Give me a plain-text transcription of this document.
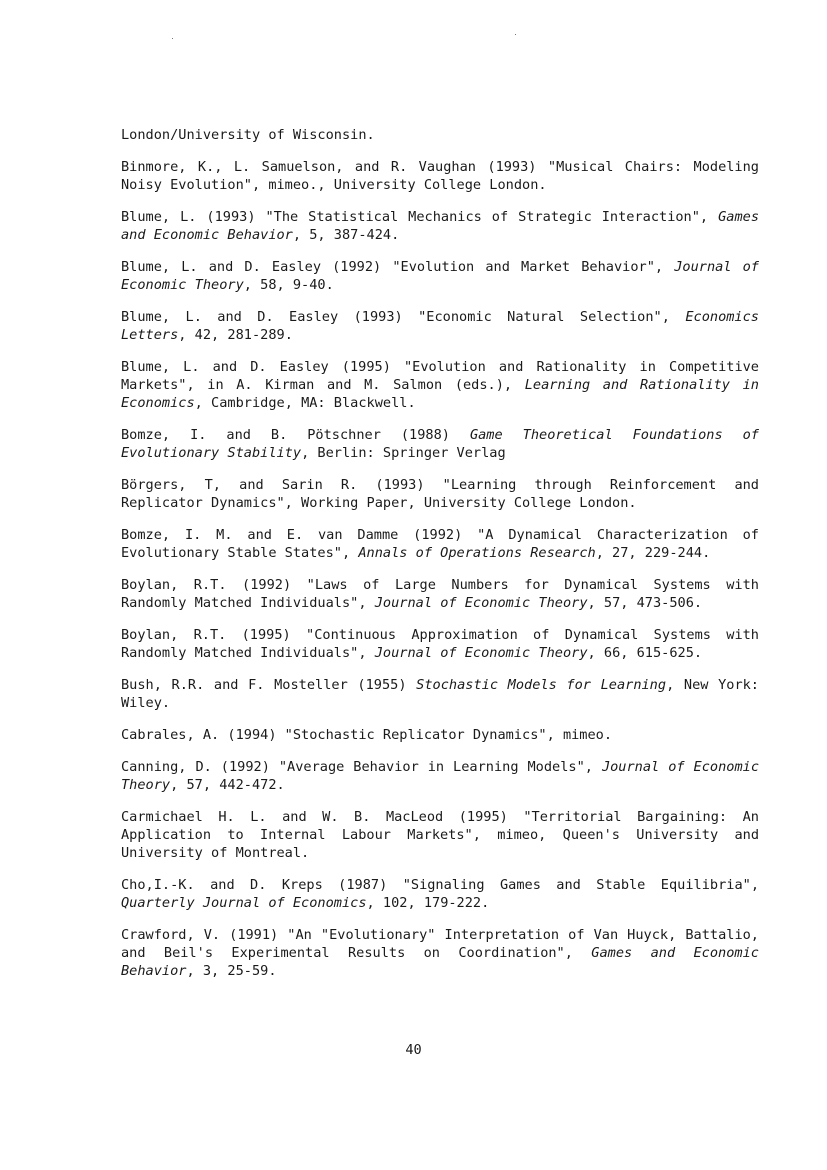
London/University of Wisconsin.

Binmore, K., L. Samuelson, and R. Vaughan (1993) "Musical Chairs: Modeling Noisy Evolution", mimeo., University College London.

Blume, L. (1993) "The Statistical Mechanics of Strategic Interaction", Games and Economic Behavior, 5, 387-424.

Blume, L. and D. Easley (1992) "Evolution and Market Behavior", Journal of Economic Theory, 58, 9-40.

Blume, L. and D. Easley (1993) "Economic Natural Selection", Economics Letters, 42, 281-289.

Blume, L. and D. Easley (1995) "Evolution and Rationality in Competitive Markets", in A. Kirman and M. Salmon (eds.), Learning and Rationality in Economics, Cambridge, MA: Blackwell.

Bomze, I. and B. Pötschner (1988) Game Theoretical Foundations of Evolutionary Stability, Berlin: Springer Verlag

Börgers, T, and Sarin R. (1993) "Learning through Reinforcement and Replicator Dynamics", Working Paper, University College London.

Bomze, I. M. and E. van Damme (1992) "A Dynamical Characterization of Evolutionary Stable States", Annals of Operations Research, 27, 229-244.

Boylan, R.T. (1992) "Laws of Large Numbers for Dynamical Systems with Randomly Matched Individuals", Journal of Economic Theory, 57, 473-506.

Boylan, R.T. (1995) "Continuous Approximation of Dynamical Systems with Randomly Matched Individuals", Journal of Economic Theory, 66, 615-625.

Bush, R.R. and F. Mosteller (1955) Stochastic Models for Learning, New York: Wiley.

Cabrales, A. (1994) "Stochastic Replicator Dynamics", mimeo.

Canning, D. (1992) "Average Behavior in Learning Models", Journal of Economic Theory, 57, 442-472.

Carmichael H. L. and W. B. MacLeod (1995) "Territorial Bargaining: An Application to Internal Labour Markets", mimeo, Queen's University and University of Montreal.

Cho,I.-K. and D. Kreps (1987) "Signaling Games and Stable Equilibria", Quarterly Journal of Economics, 102, 179-222.

Crawford, V. (1991) "An "Evolutionary" Interpretation of Van Huyck, Battalio, and Beil's Experimental Results on Coordination", Games and Economic Behavior, 3, 25-59.

40
